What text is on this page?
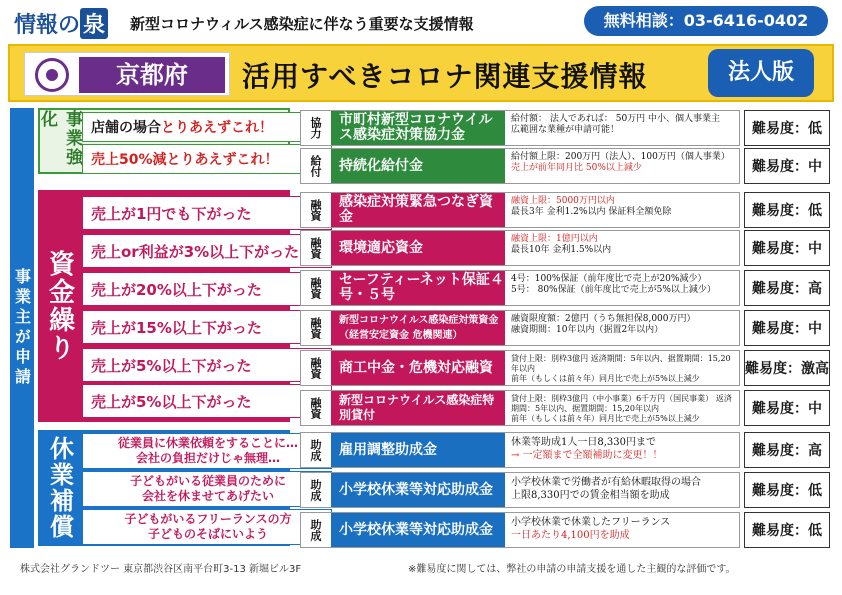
情報の 泉 新型コロナウィルス感染症に伴なう重要な支援情報	無料相談：03-6416-0402
京都府	活用すべきコロナ関連支援情報	法人版
事業主が申請
事業強化	店舗の場合 とりあえずこれ！
売上50%減とりあえずこれ！
資金繰り
売上が1円でも下がった
売上or利益が3%以上下がった
売上が20%以上下がった
売上が15%以上下がった
売上が5%以上下がった
売上が5%以上下がった
休業補償	従業員に休業依頼をすることに…
会社の負担だけじゃ無理…
子どもがいる従業員のために
会社を休ませてあげたい
子どもがいるフリーランスの方
子どものそばにいよう
協力	市町村新型コロナウイルス感染症対策協力金
給付額： 法人であれば： 50万円 中小、個人事業主
広範囲な業種が申請可能！	難易度：低
給付	持続化給付金
給付額上限：200万円（法人）、100万円（個人事業）
売上が前年同月比 50%以上減少	難易度：中
融資	感染症対策緊急つなぎ資金
融資上限：5000万円以内
最長3年 金利1.2%以内 保証料全額免除	難易度：低
融資	環境適応資金
融資上限：1億円以内
最長10年 金利1.5%以内	難易度：中
融資	セーフティーネット保証４号・５号
4号：100%保証（前年度比で売上が20%減少）
5号： 80%保証（前年度比で売上が5%以上減少）	難易度：高
融資	新型コロナウイルス感染症対策資金（経営安定資金 危機関連）
融資限度額：2億円（うち無担保8,000万円）
融資期間：10年以内（据置2年以内）	難易度：中
融資	商工中金・危機対応融資
貸付上限：別枠3億円 返済期間：5年以内、据置期間：15,20年以内
前年（もしくは前々年）同月比で売上が5%以上減少
難易度：激高
融資	新型コロナウイルス感染症特別貸付
貸付上限：別枠3億円（中小事業）6千万円（国民事業） 返済期間：5年以内、据置期間：15,20年以内
前年（もしくは前々年）同月比で売上が5%以上減少
難易度：中
助成	雇用調整助成金	休業等助成1人一日8,330円まで
→ 一定額まで全額補助に変更！！	難易度：高
助成	小学校休業等対応助成金	小学校休業で労働者が有給休暇取得の場合
上限8,330円での賃金相当額を助成	難易度：低
助成	小学校休業等対応助成金	小学校休業で休業したフリーランス
一日あたり4,100円を助成	難易度：低
株式会社グランドツー 東京都渋谷区南平台町3-13 新堀ビル3F	※難易度に関しては、弊社の申請の申請支援を通した主観的な評価です。
